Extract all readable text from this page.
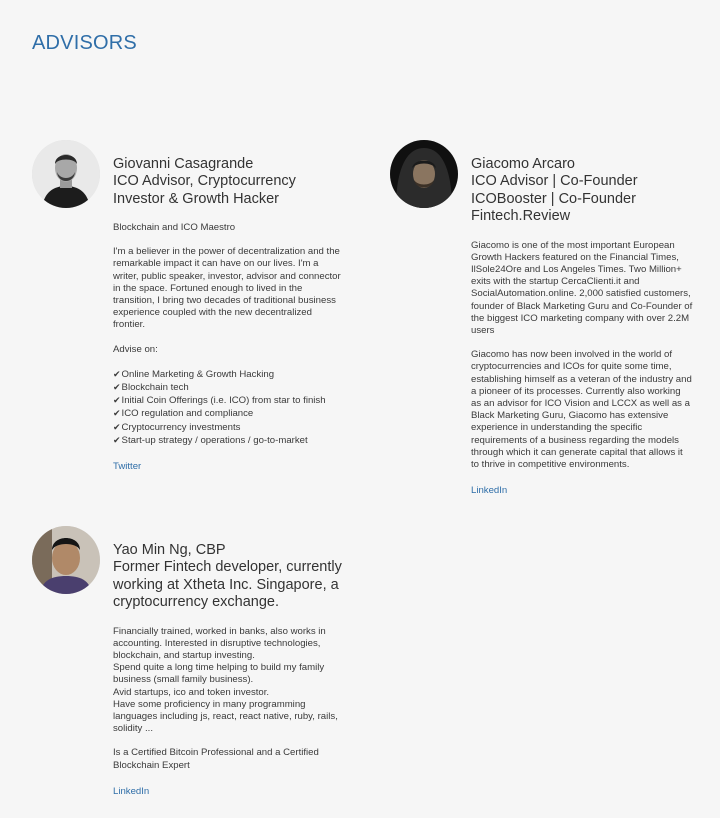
ADVISORS
Giovanni Casagrande
ICO Advisor, Cryptocurrency Investor & Growth Hacker

Blockchain and ICO Maestro

I'm a believer in the power of decentralization and the remarkable impact it can have on our lives. I'm a writer, public speaker, investor, advisor and connector in the space. Fortuned enough to lived in the transition, I bring two decades of traditional business experience coupled with the new decentralized frontier.

Advise on:

✔ Online Marketing & Growth Hacking
✔ Blockchain tech
✔ Initial Coin Offerings (i.e. ICO) from star to finish
✔ ICO regulation and compliance
✔ Cryptocurrency investments
✔ Start-up strategy / operations / go-to-market
Twitter
Giacomo Arcaro
ICO Advisor | Co-Founder
ICOBooster | Co-Founder
Fintech.Review

Giacomo is one of the most important European Growth Hackers featured on the Financial Times, IlSole24Ore and Los Angeles Times. Two Million+ exits with the startup CercaClienti.it and SocialAutomation.online. 2,000 satisfied customers, founder of Black Marketing Guru and Co-Founder of the biggest ICO marketing company with over 2.2M users

Giacomo has now been involved in the world of cryptocurrencies and ICOs for quite some time, establishing himself as a veteran of the industry and a pioneer of its processes. Currently also working as an advisor for ICO Vision and LCCX as well as a Black Marketing Guru, Giacomo has extensive experience in understanding the specific requirements of a business regarding the models through which it can generate capital that allows it to thrive in competitive environments.

LinkedIn
Yao Min Ng, CBP
Former Fintech developer, currently working at Xtheta Inc. Singapore, a cryptocurrency exchange.

Financially trained, worked in banks, also works in accounting. Interested in disruptive technologies, blockchain, and startup investing.
Spend quite a long time helping to build my family business (small family business).
Avid startups, ico and token investor.
Have some proficiency in many programming languages including js, react, react native, ruby, rails, solidity ...

Is a Certified Bitcoin Professional and a Certified Blockchain Expert

LinkedIn
